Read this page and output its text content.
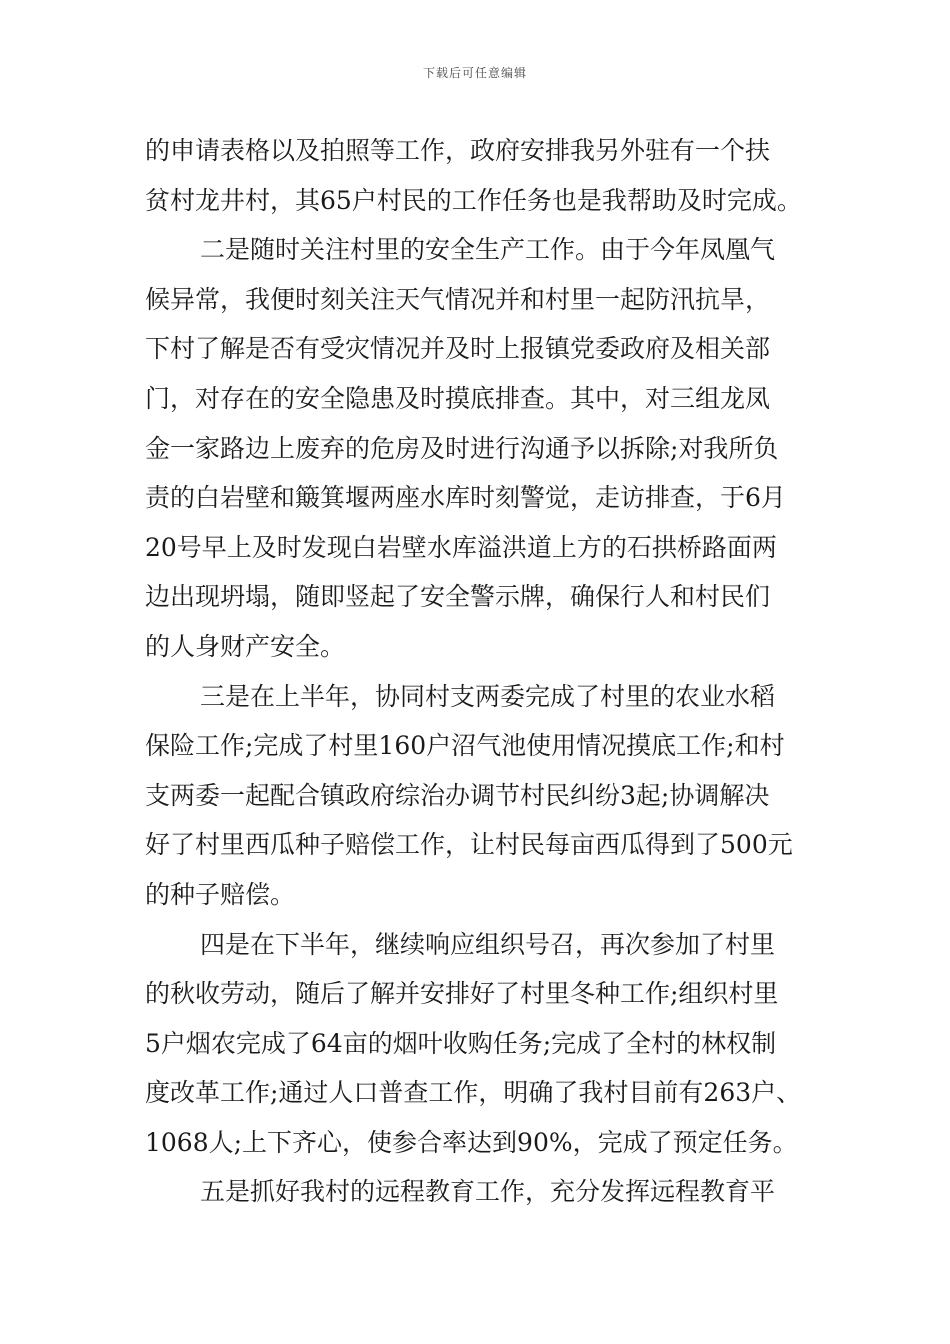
下载后可任意编辑
的申请表格以及拍照等工作，政府安排我另外驻有一个扶
贫村龙井村，其65户村民的工作任务也是我帮助及时完成。
二是随时关注村里的安全生产工作。由于今年凤凰气
候异常，我便时刻关注天气情况并和村里一起防汛抗旱，
下村了解是否有受灾情况并及时上报镇党委政府及相关部
门，对存在的安全隐患及时摸底排查。其中，对三组龙凤
金一家路边上废弃的危房及时进行沟通予以拆除;对我所负
责的白岩壁和簸箕堰两座水库时刻警觉，走访排查，于6月
20号早上及时发现白岩壁水库溢洪道上方的石拱桥路面两
边出现坍塌，随即竖起了安全警示牌，确保行人和村民们
的人身财产安全。
三是在上半年，协同村支两委完成了村里的农业水稻
保险工作;完成了村里160户沼气池使用情况摸底工作;和村
支两委一起配合镇政府综治办调节村民纠纷3起;协调解决
好了村里西瓜种子赔偿工作，让村民每亩西瓜得到了500元
的种子赔偿。
四是在下半年，继续响应组织号召，再次参加了村里
的秋收劳动，随后了解并安排好了村里冬种工作;组织村里
5户烟农完成了64亩的烟叶收购任务;完成了全村的林权制
度改革工作;通过人口普查工作，明确了我村目前有263户、
1068人;上下齐心，使参合率达到90%，完成了预定任务。
五是抓好我村的远程教育工作，充分发挥远程教育平
